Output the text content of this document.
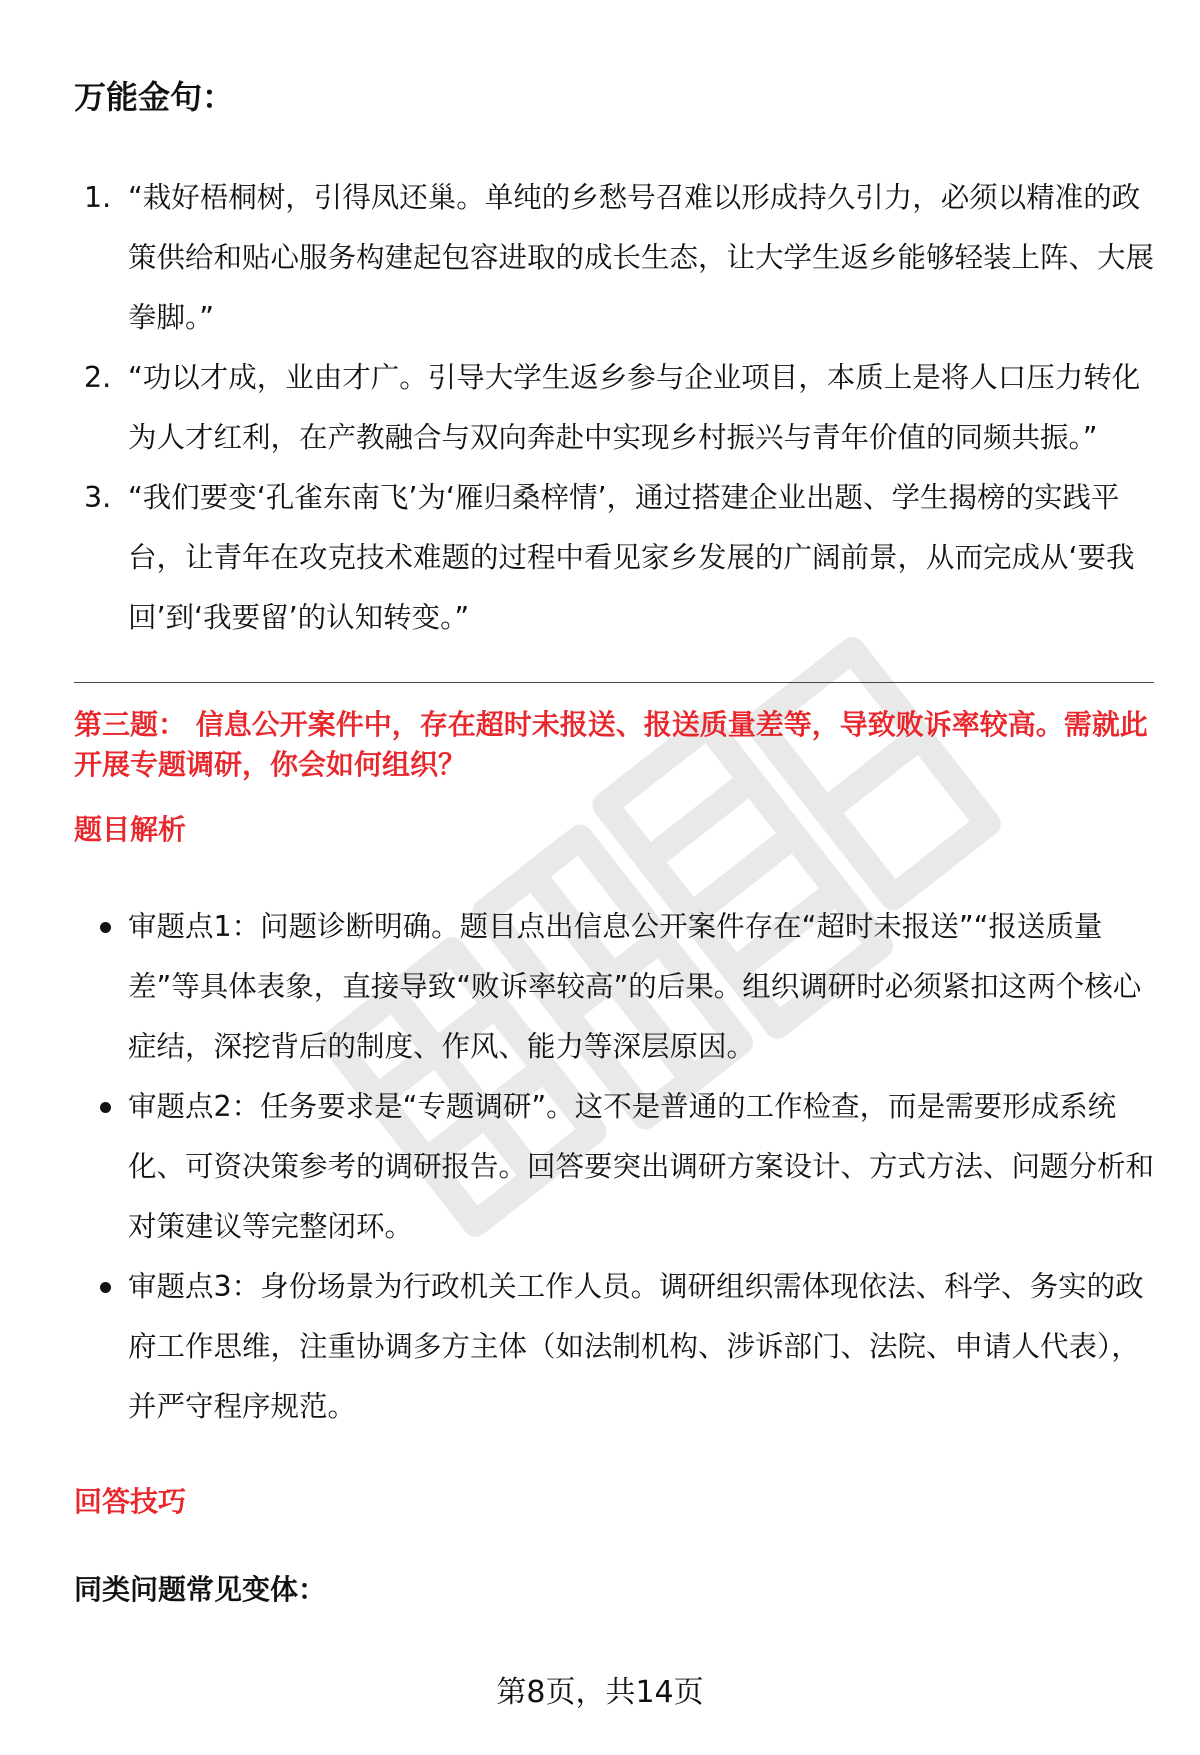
万能金句：
1. “栽好梧桐树，引得凤还巢。单纯的乡愁号召难以形成持久引力，必须以精准的政策供给和贴心服务构建起包容进取的成长生态，让大学生返乡能够轻装上阵、大展拳脚。”
2. “功以才成，业由才广。引导大学生返乡参与企业项目，本质上是将人口压力转化为人才红利，在产教融合与双向奔赴中实现乡村振兴与青年价值的同频共振。”
3. “我们要变‘孔雀东南飞’为‘雁归桑梓情’，通过搭建企业出题、学生揭榜的实践平台，让青年在攻克技术难题的过程中看见家乡发展的广阔前景，从而完成从‘要我回’到‘我要留’的认知转变。”

第三题： 信息公开案件中，存在超时未报送、报送质量差等，导致败诉率较高。需就此开展专题调研，你会如何组织？

题目解析

审题点1：问题诊断明确。题目点出信息公开案件存在“超时未报送”“报送质量差”等具体表象，直接导致“败诉率较高”的后果。组织调研时必须紧扣这两个核心症结，深挖背后的制度、作风、能力等深层原因。
审题点2：任务要求是“专题调研”。这不是普通的工作检查，而是需要形成系统化、可资决策参考的调研报告。回答要突出调研方案设计、方式方法、问题分析和对策建议等完整闭环。
审题点3：身份场景为行政机关工作人员。调研组织需体现依法、科学、务实的政府工作思维，注重协调多方主体（如法制机构、涉诉部门、法院、申请人代表），并严守程序规范。

回答技巧

同类问题常见变体：

第8页，共14页
